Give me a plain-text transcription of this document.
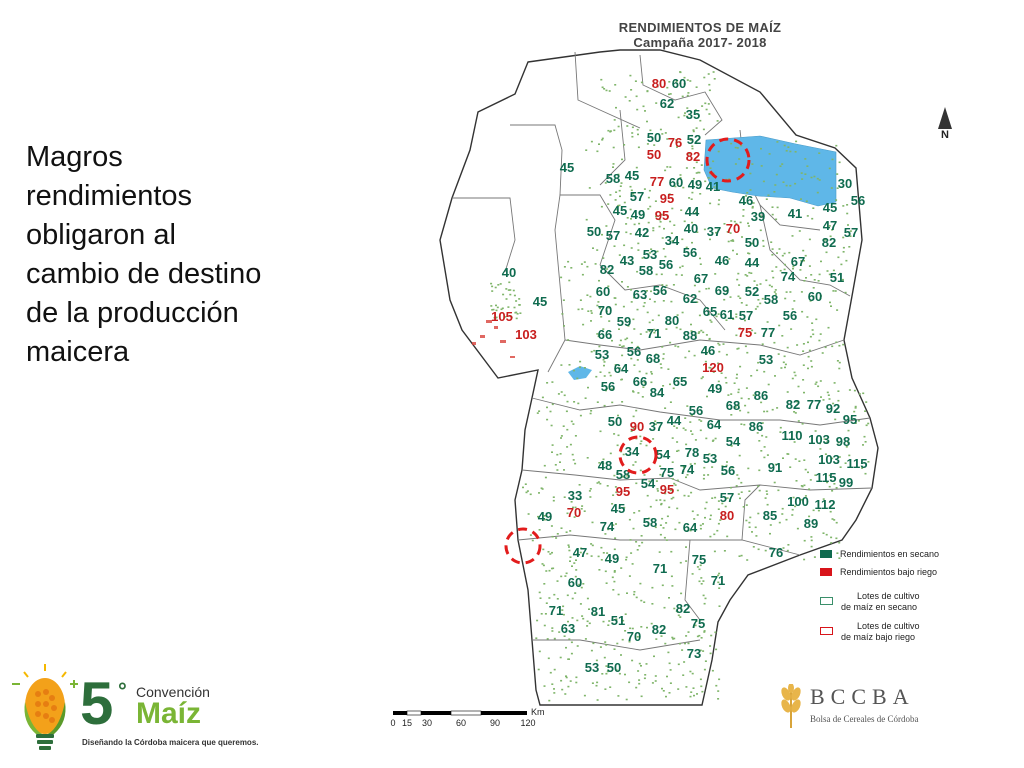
Magros rendimientos obligaron al cambio de destino de la producción maicera
RENDIMIENTOS DE MAÍZ
Campaña 2017- 2018
80 60
62
35
50 76 52
50 82
45
58 45 77 60 49 41
57 95	46
30
56
45 49 95 44	39 41 45
47 57
50 57 42	40 37 70
34	50	82
43 53
56
56
46 44 67
82 58
67	74	51
40
60 63 56
62
69 52
58 60
45
70	65 61 57 56
59	80
105
103	66	71 88	75 77
53 56 68
46
53
64	120
56 66 65
84	49 86
82 77 92
95
68
56
50 90 37 44 64 86
54	110 103 98
34 54 78 53	103 115
48
58 75 74 56	91
115 99
54
95 95
33	57	100 112
45
70	80 85
49
74 58 64	89
47 49	75	76
71
60	71
71 81	82
51	75
63
70 82
73
53 50
N
Rendimientos en secano
Rendimientos bajo riego
Lotes de cultivo
de maíz en secano
Lotes de cultivo
de maíz bajo riego
Km
0 15 30	60	90 120
5 ° Convención
Maíz
Diseñando la Córdoba maicera que queremos.
BCCBA
Bolsa de Cereales de Córdoba
